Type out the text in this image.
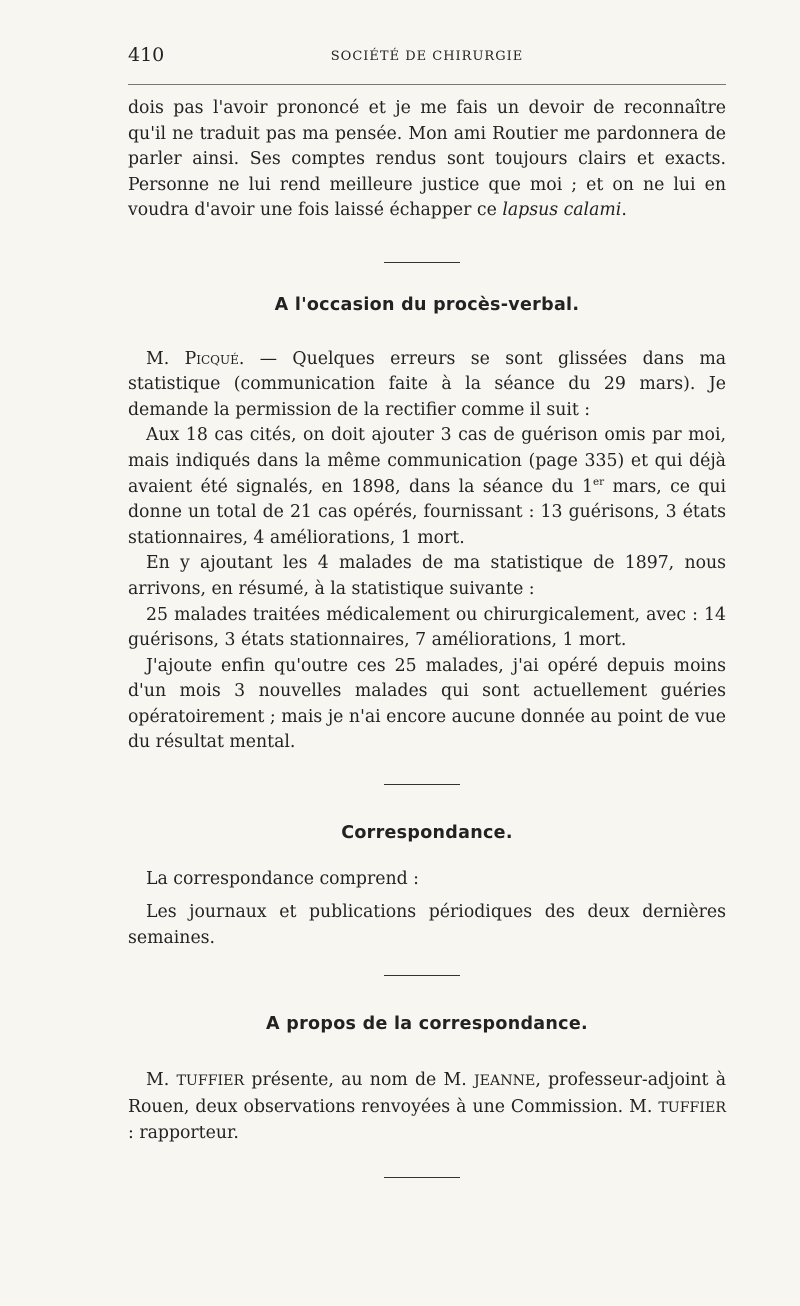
410	SOCIÉTÉ DE CHIRURGIE

dois pas l'avoir prononcé et je me fais un devoir de reconnaître qu'il ne traduit pas ma pensée. Mon ami Routier me pardonnera de parler ainsi. Ses comptes rendus sont toujours clairs et exacts. Personne ne lui rend meilleure justice que moi ; et on ne lui en voudra d'avoir une fois laissé échapper ce lapsus calami.

A l'occasion du procès-verbal.

M. Picqué. — Quelques erreurs se sont glissées dans ma statistique (communication faite à la séance du 29 mars). Je demande la permission de la rectifier comme il suit :

Aux 18 cas cités, on doit ajouter 3 cas de guérison omis par moi, mais indiqués dans la même communication (page 335) et qui déjà avaient été signalés, en 1898, dans la séance du 1er mars, ce qui donne un total de 21 cas opérés, fournissant : 13 guérisons, 3 états stationnaires, 4 améliorations, 1 mort.

En y ajoutant les 4 malades de ma statistique de 1897, nous arrivons, en résumé, à la statistique suivante :

25 malades traitées médicalement ou chirurgicalement, avec : 14 guérisons, 3 états stationnaires, 7 améliorations, 1 mort.

J'ajoute enfin qu'outre ces 25 malades, j'ai opéré depuis moins d'un mois 3 nouvelles malades qui sont actuellement guéries opératoirement ; mais je n'ai encore aucune donnée au point de vue du résultat mental.

Correspondance.

La correspondance comprend :

Les journaux et publications périodiques des deux dernières semaines.

A propos de la correspondance.

M. TUFFIER présente, au nom de M. JEANNE, professeur-adjoint à Rouen, deux observations renvoyées à une Commission. M. TUFFIER : rapporteur.
